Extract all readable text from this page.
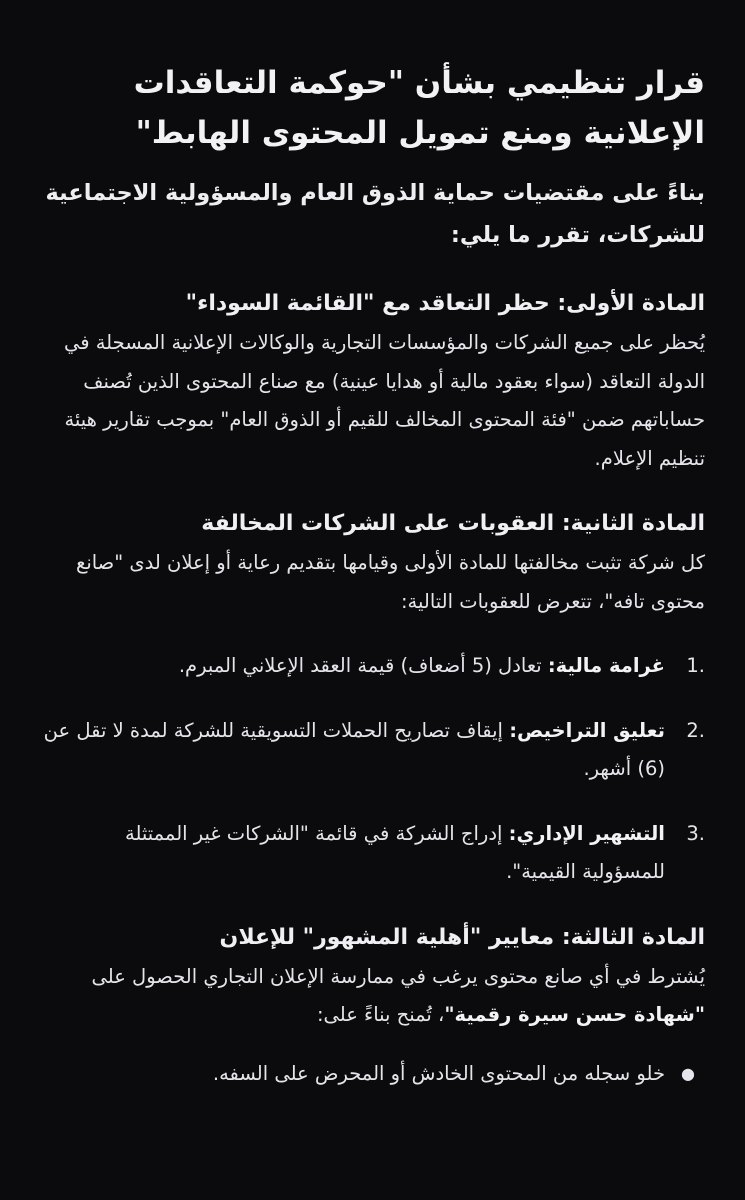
قرار تنظيمي بشأن "حوكمة التعاقدات الإعلانية ومنع تمويل المحتوى الهابط"

بناءً على مقتضيات حماية الذوق العام والمسؤولية الاجتماعية للشركات، تقرر ما يلي:

المادة الأولى: حظر التعاقد مع "القائمة السوداء"

يُحظر على جميع الشركات والمؤسسات التجارية والوكالات الإعلانية المسجلة في الدولة التعاقد (سواء بعقود مالية أو هدايا عينية) مع صناع المحتوى الذين تُصنف حساباتهم ضمن "فئة المحتوى المخالف للقيم أو الذوق العام" بموجب تقارير هيئة تنظيم الإعلام.

المادة الثانية: العقوبات على الشركات المخالفة

كل شركة تثبت مخالفتها للمادة الأولى وقيامها بتقديم رعاية أو إعلان لدى "صانع محتوى تافه"، تتعرض للعقوبات التالية:

1.
غرامة مالية: تعادل (5 أضعاف) قيمة العقد الإعلاني المبرم.
2.
تعليق التراخيص: إيقاف تصاريح الحملات التسويقية للشركة لمدة لا تقل عن (6) أشهر.
3.
التشهير الإداري: إدراج الشركة في قائمة "الشركات غير الممتثلة للمسؤولية القيمية".
المادة الثالثة: معايير "أهلية المشهور" للإعلان

يُشترط في أي صانع محتوى يرغب في ممارسة الإعلان التجاري الحصول على "شهادة حسن سيرة رقمية"، تُمنح بناءً على:

●
خلو سجله من المحتوى الخادش أو المحرض على السفه.
